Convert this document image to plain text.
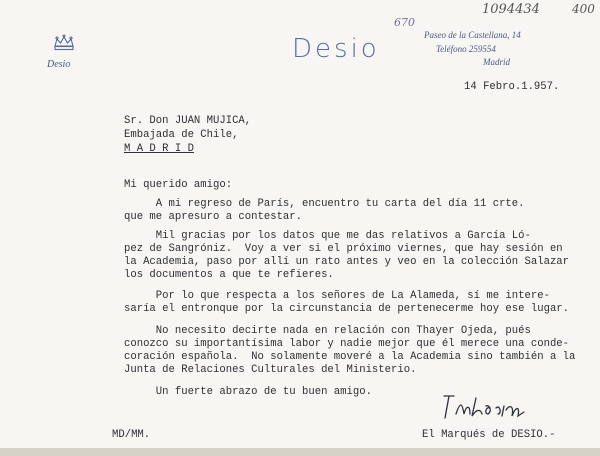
Desio
Paseo de la Castellana, 14
Teléfono 259554
Madrid
1094434	400
670
Desio
14 Febro.1.957.
Sr. Don JUAN MUJICA,
Embajada de Chile,
M A D R I D
Mi querido amigo:
A mi regreso de París, encuentro tu carta del día 11 crte.
que me apresuro a contestar.
Mil gracias por los datos que me das relativos a García Ló-
pez de Sangróniz.  Voy a ver si el próximo viernes, que hay sesión en
la Academia, paso por allí un rato antes y veo en la colección Salazar
los documentos a que te refieres.
Por lo que respecta a los señores de La Alameda, sí me intere-
saría el entronque por la circunstancia de pertenecerme hoy ese lugar.
No necesito decirte nada en relación con Thayer Ojeda, pués
conozco su importantísima labor y nadie mejor que él merece una conde-
coración española.  No solamente moveré a la Academia sino también a la
Junta de Relaciones Culturales del Ministerio.
Un fuerte abrazo de tu buen amigo.
MD/MM.	El Marqués de DESIO.-
